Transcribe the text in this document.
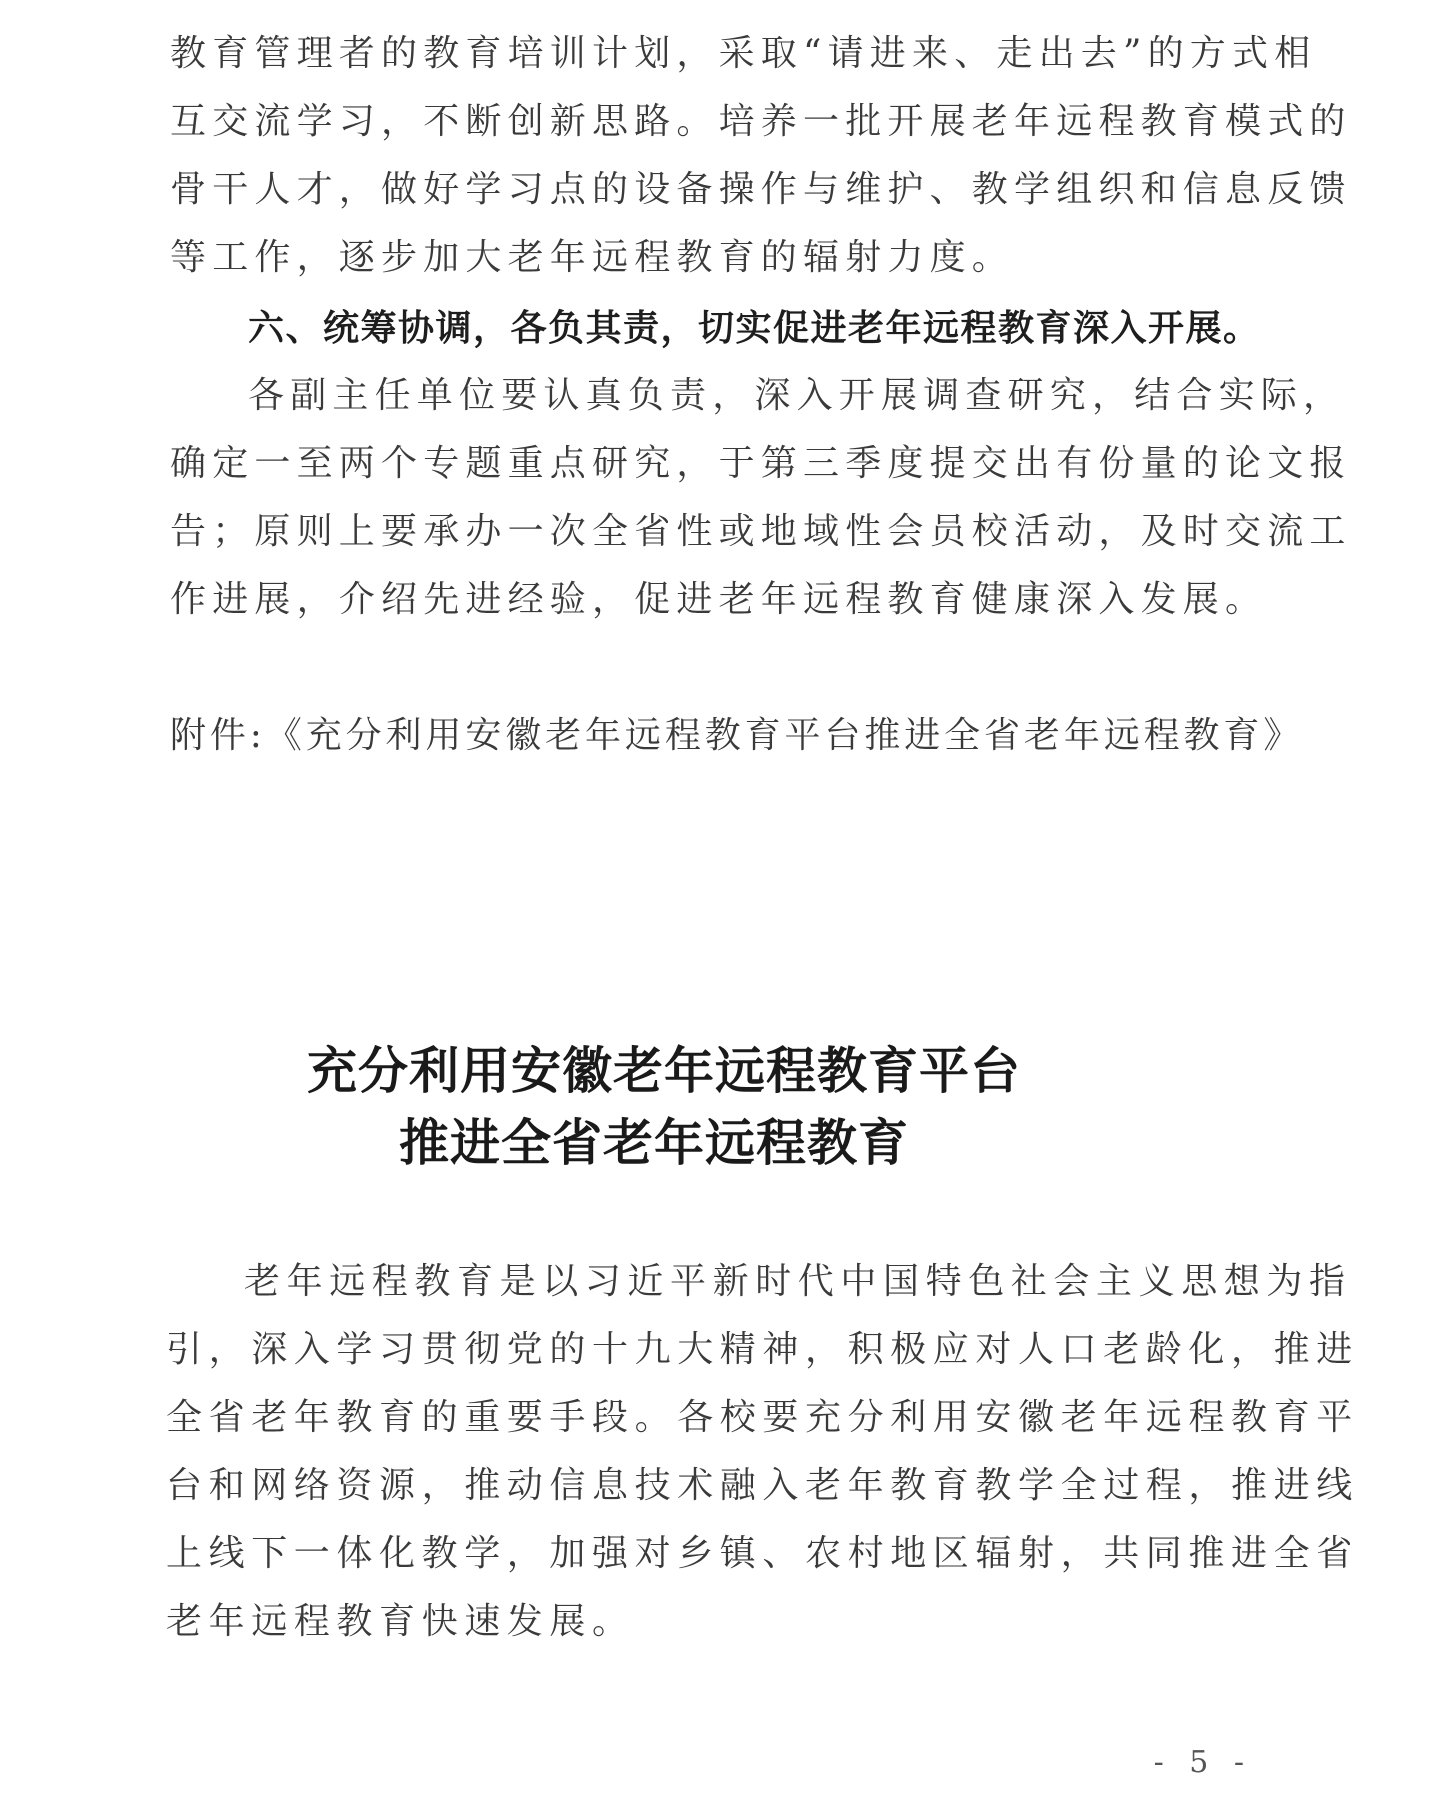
教育管理者的教育培训计划，采取“请进来、走出去”的方式相
互交流学习，不断创新思路。培养一批开展老年远程教育模式的
骨干人才，做好学习点的设备操作与维护、教学组织和信息反馈
等工作，逐步加大老年远程教育的辐射力度。
六、统筹协调，各负其责，切实促进老年远程教育深入开展。
各副主任单位要认真负责，深入开展调查研究，结合实际，
确定一至两个专题重点研究，于第三季度提交出有份量的论文报
告；原则上要承办一次全省性或地域性会员校活动，及时交流工
作进展，介绍先进经验，促进老年远程教育健康深入发展。
附件:《充分利用安徽老年远程教育平台推进全省老年远程教育》
充分利用安徽老年远程教育平台
推进全省老年远程教育
老年远程教育是以习近平新时代中国特色社会主义思想为指
引，深入学习贯彻党的十九大精神，积极应对人口老龄化，推进
全省老年教育的重要手段。各校要充分利用安徽老年远程教育平
台和网络资源，推动信息技术融入老年教育教学全过程，推进线
上线下一体化教学，加强对乡镇、农村地区辐射，共同推进全省
老年远程教育快速发展。
- 5 -
